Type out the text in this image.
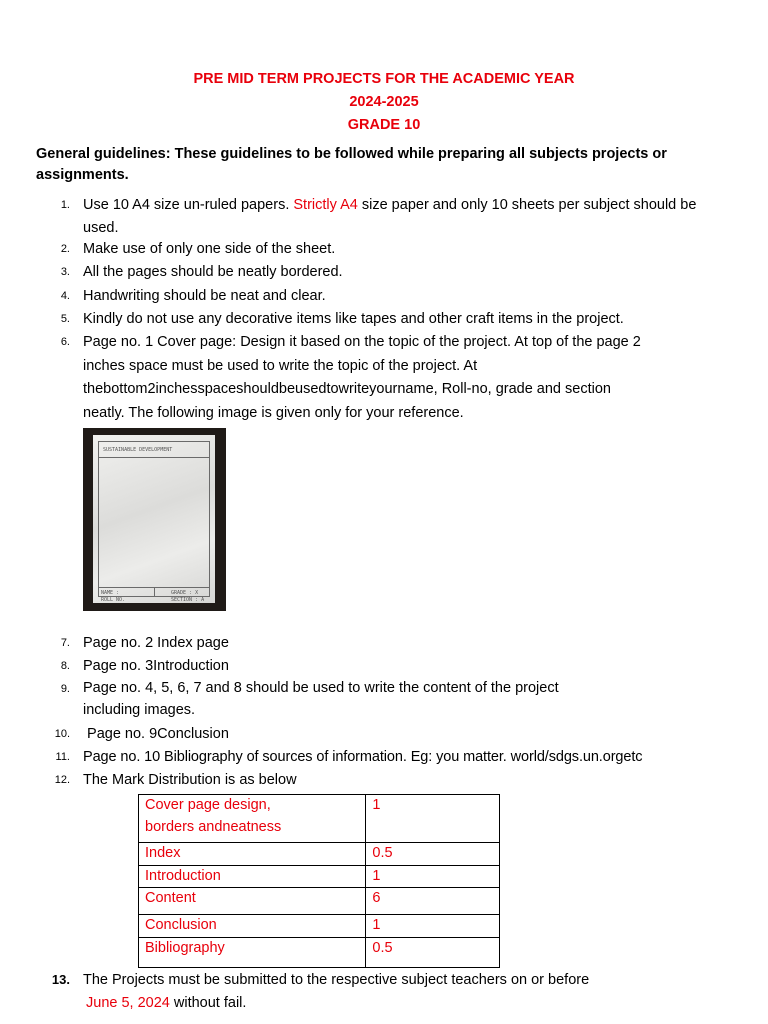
PRE MID TERM PROJECTS FOR THE ACADEMIC YEAR
2024-2025
GRADE 10
General guidelines: These guidelines to be followed while preparing all subjects projects or assignments.
1. Use 10 A4 size un-ruled papers. Strictly A4 size paper and only 10 sheets per subject should be used.
2. Make use of only one side of the sheet.
3. All the pages should be neatly bordered.
4. Handwriting should be neat and clear.
5. Kindly do not use any decorative items like tapes and other craft items in the project.
6. Page no. 1 Cover page: Design it based on the topic of the project. At top of the page 2
inches space must be used to write the topic of the project. At
thebottom2inchesspaceshouldbeusedtowriteyourname, Roll-no, grade and section
neatly. The following image is given only for your reference.
SUSTAINABLE DEVELOPMENT
NAME :
ROLL NO.
GRADE : X
SECTION : A
7. Page no. 2 Index page
8. Page no. 3Introduction
9. Page no. 4, 5, 6, 7 and 8 should be used to write the content of the project
including images.
10. Page no. 9Conclusion
11. Page no. 10 Bibliography of sources of information. Eg: you matter. world/sdgs.un.orgetc
12. The Mark Distribution is as below
Cover page design,
borders andneatness	1
Index	0.5
Introduction	1
Content	6
Conclusion	1
Bibliography	0.5
13. The Projects must be submitted to the respective subject teachers on or before
June 5, 2024 without fail.
